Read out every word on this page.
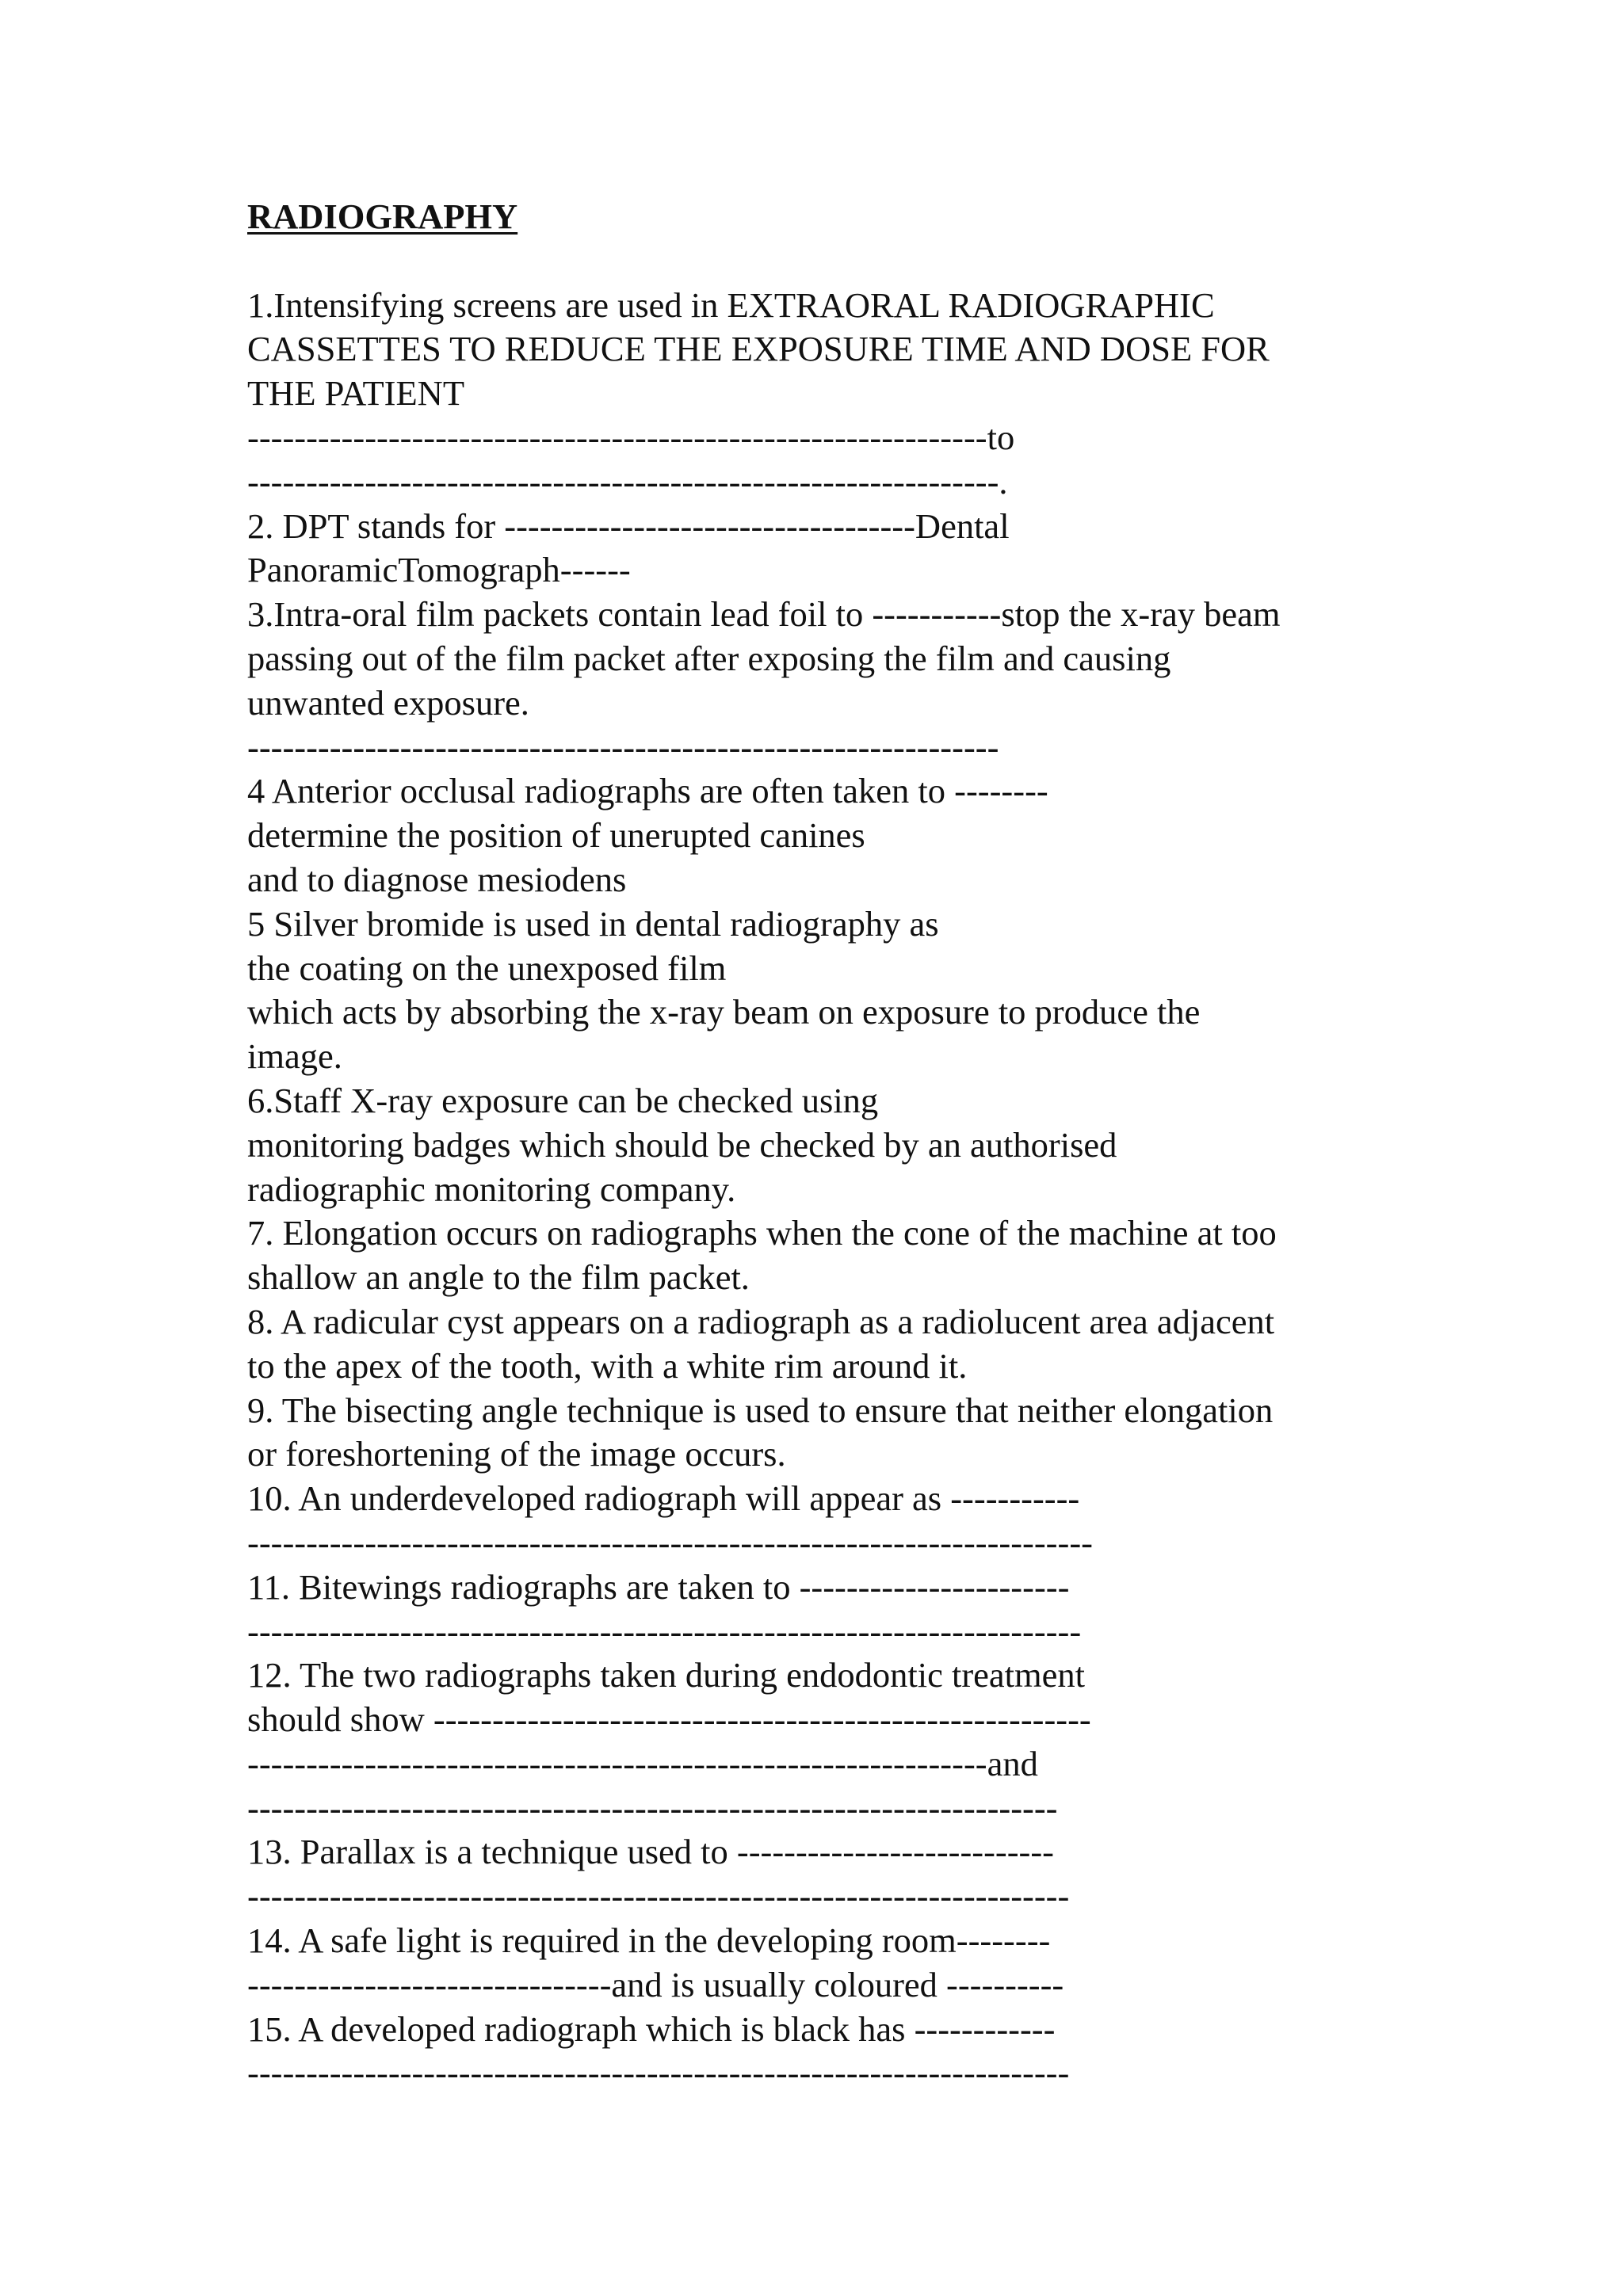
RADIOGRAPHY
1.Intensifying screens are used in EXTRAORAL RADIOGRAPHIC
CASSETTES TO REDUCE THE EXPOSURE TIME AND DOSE FOR
THE PATIENT
---------------------------------------------------------------to
----------------------------------------------------------------.
2. DPT stands for -----------------------------------Dental
PanoramicTomograph------
3.Intra-oral film packets contain lead foil to -----------stop the x-ray beam
passing out of the film packet after exposing the film and causing
unwanted exposure.
----------------------------------------------------------------
4 Anterior occlusal radiographs are often taken to --------
determine the position of unerupted canines
and to diagnose mesiodens
5 Silver bromide is used in dental radiography as
the coating on the unexposed film
which acts by absorbing the x-ray beam on exposure to produce the
image.
6.Staff X-ray exposure can be checked using
monitoring badges which should be checked by an authorised
radiographic monitoring company.
7. Elongation occurs on radiographs when the cone of the machine at too
shallow an angle to the film packet.
8. A radicular cyst appears on a radiograph as a radiolucent area adjacent
to the apex of the tooth, with a white rim around it.
9. The bisecting angle technique is used to ensure that neither elongation
or foreshortening of the image occurs.
10. An underdeveloped radiograph will appear as -----------
------------------------------------------------------------------------
11. Bitewings radiographs are taken to -----------------------
-----------------------------------------------------------------------
12. The two radiographs taken during endodontic treatment
should show --------------------------------------------------------
---------------------------------------------------------------and
---------------------------------------------------------------------
13. Parallax is a technique used to ---------------------------
----------------------------------------------------------------------
14. A safe light is required in the developing room--------
-------------------------------and is usually coloured ----------
15. A developed radiograph which is black has ------------
----------------------------------------------------------------------
